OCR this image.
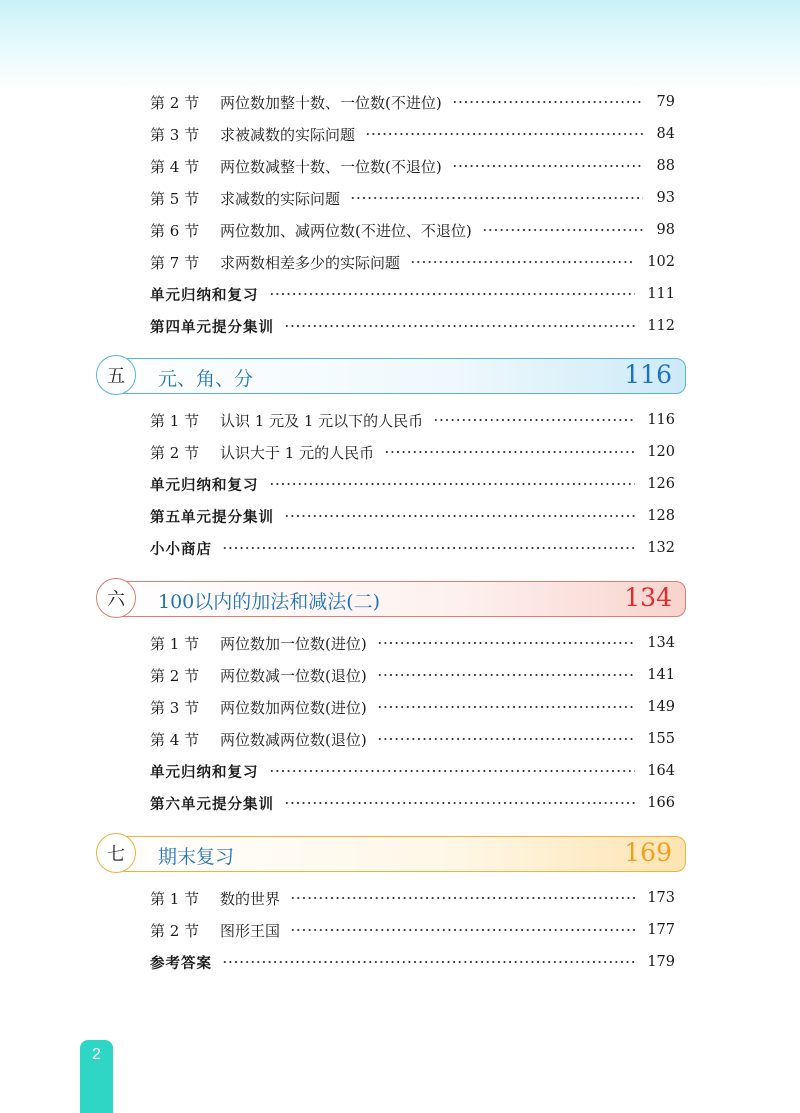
第 2 节	两位数加整十数、一位数(不进位)	79
第 3 节	求被减数的实际问题	84
第 4 节	两位数减整十数、一位数(不退位)	88
第 5 节	求减数的实际问题	93
第 6 节	两位数加、减两位数(不进位、不退位)	98
第 7 节	求两数相差多少的实际问题	102
单元归纳和复习	111
第四单元提分集训	112
五	元、角、分	116
第 1 节	认识 1 元及 1 元以下的人民币	116
第 2 节	认识大于 1 元的人民币	120
单元归纳和复习	126
第五单元提分集训	128
小小商店	132
六	100以内的加法和减法(二)	134
第 1 节	两位数加一位数(进位)	134
第 2 节	两位数减一位数(退位)	141
第 3 节	两位数加两位数(进位)	149
第 4 节	两位数减两位数(退位)	155
单元归纳和复习	164
第六单元提分集训	166
七	期末复习	169
第 1 节	数的世界	173
第 2 节	图形王国	177
参考答案	179
2
